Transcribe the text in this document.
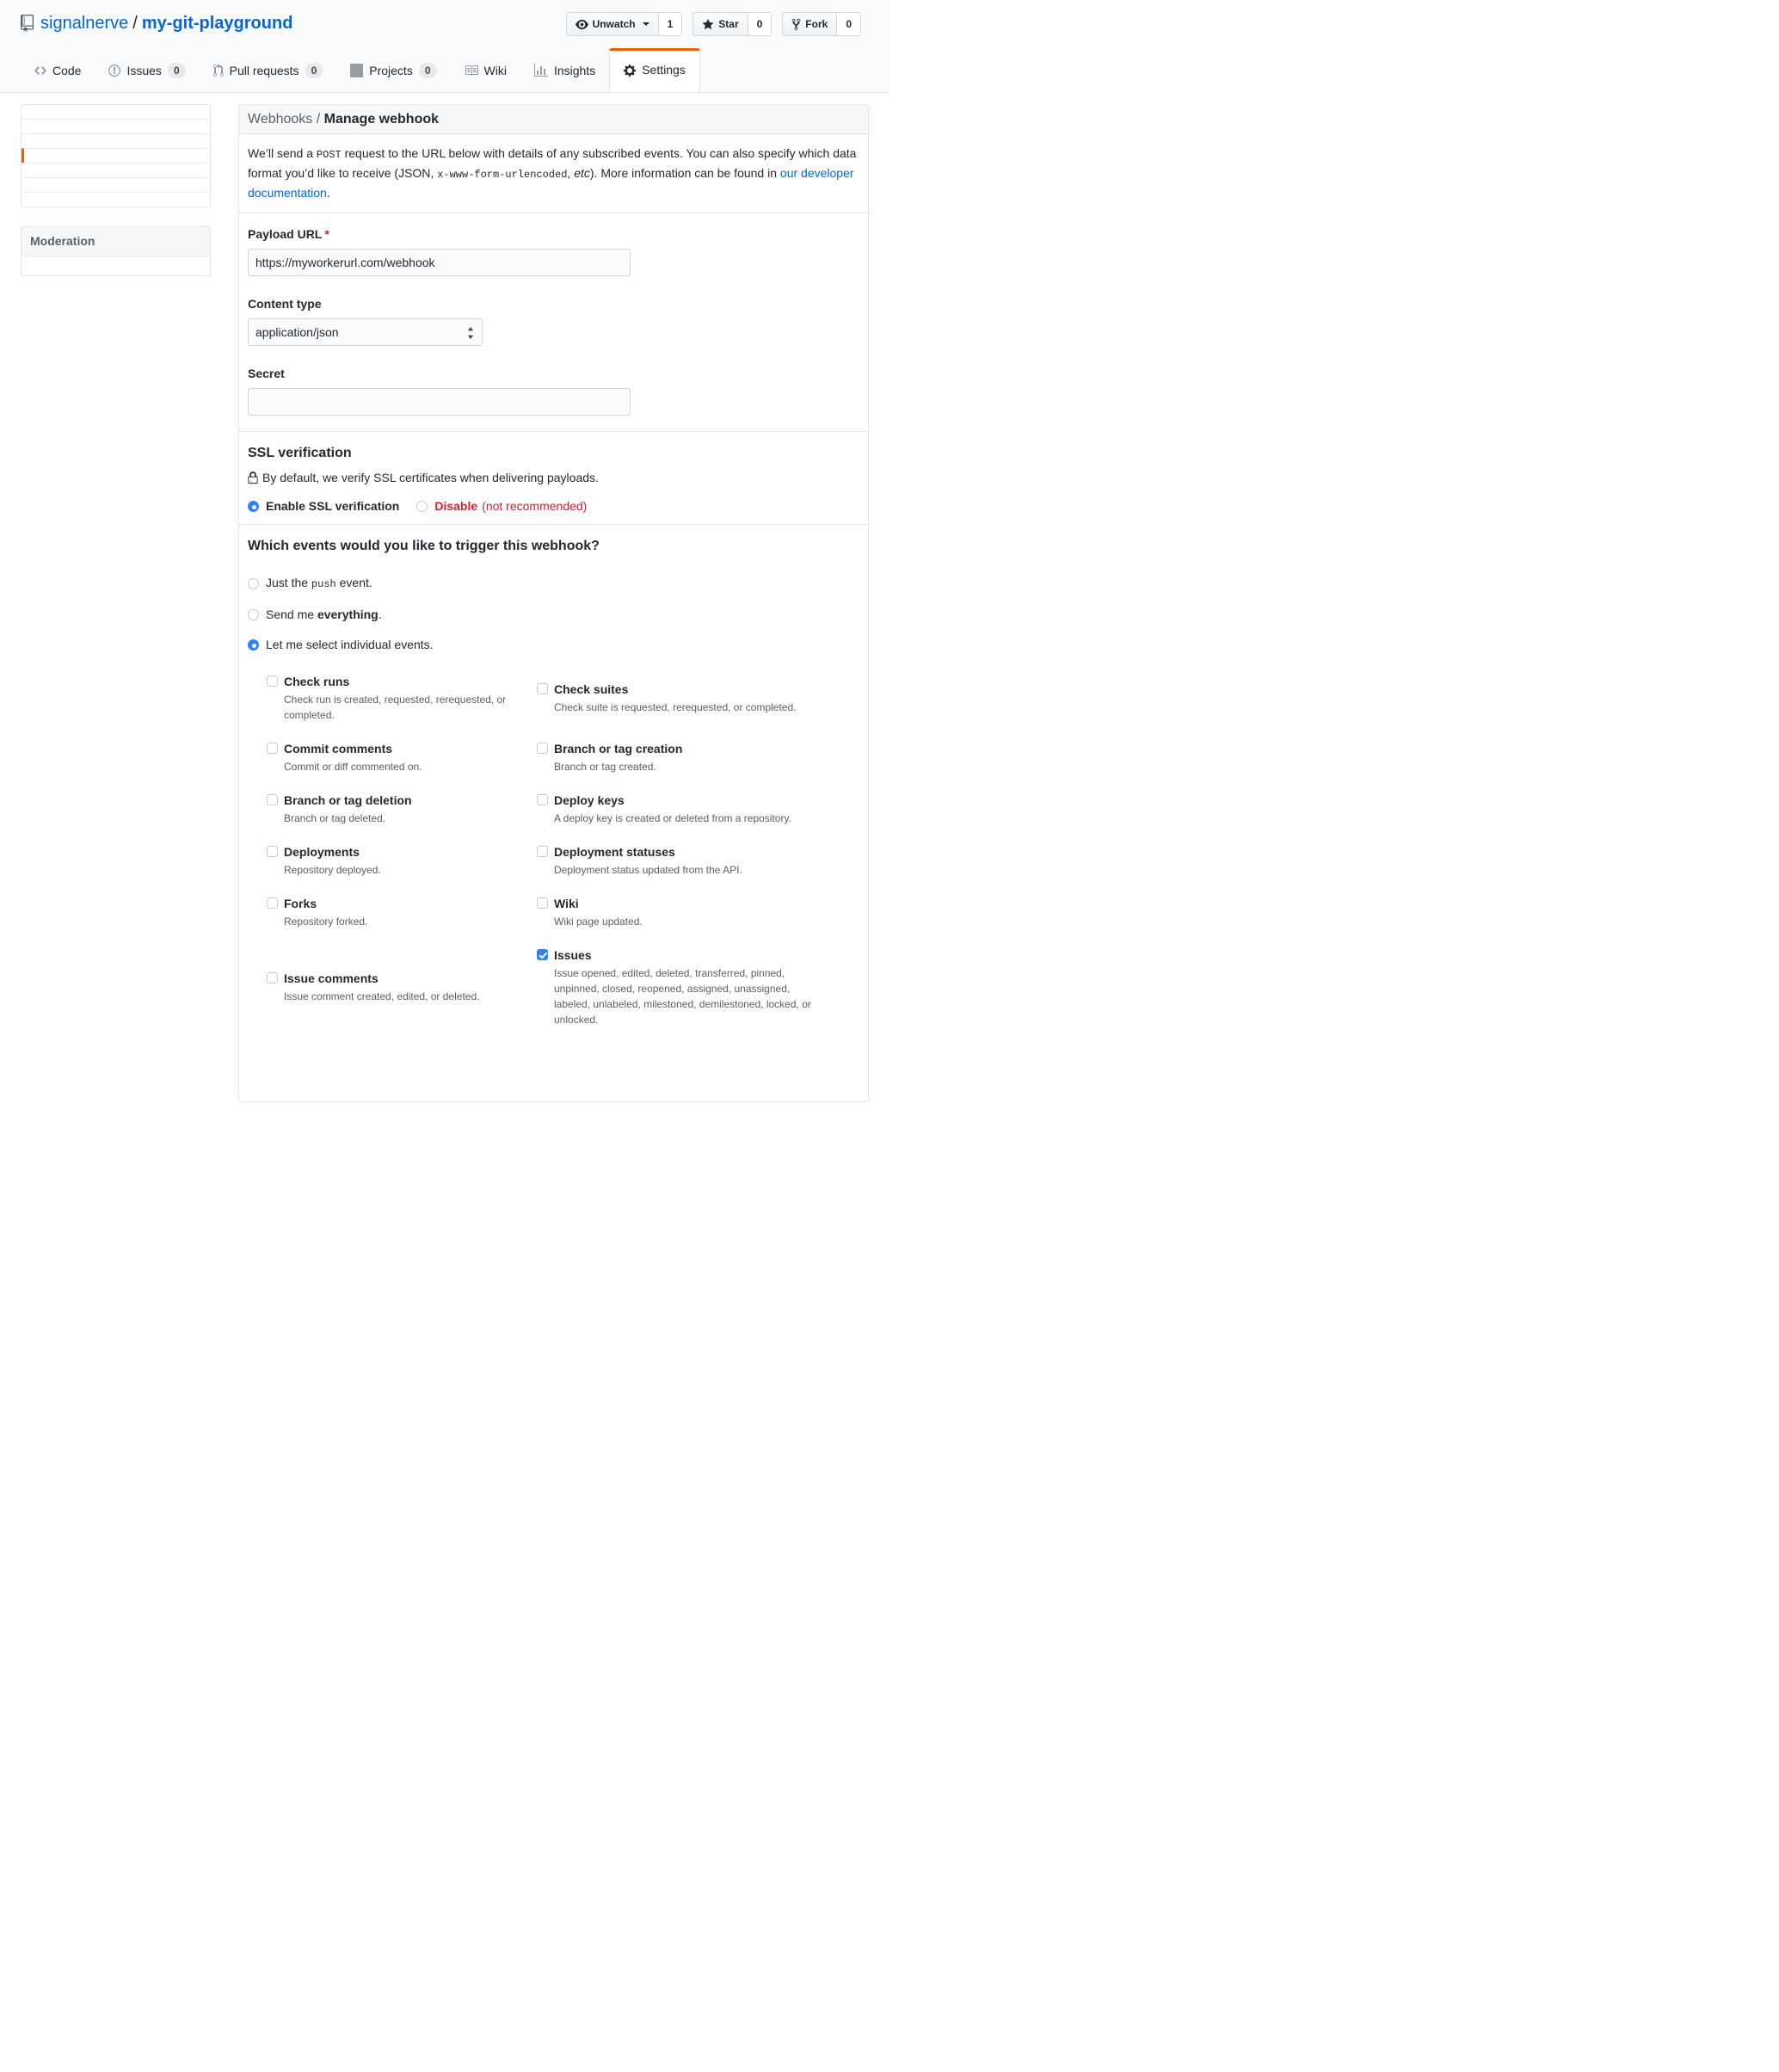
signalnerve / my-git-playground	Unwatch	1	Star	0	Fork	0
Code	Issues	0	Pull requests	0	Projects	0	Wiki	Insights	Settings
Moderation
Webhooks / Manage webhook

We’ll send a POST request to the URL below with details of any subscribed events. You can also specify which data format you’d like to receive (JSON, x-www-form-urlencoded, etc). More information can be found in our developer documentation.

Payload URL *
https://myworkerurl.com/webhook
Content type
application/json
Secret
SSL verification
By default, we verify SSL certificates when delivering payloads.
Enable SSL verification	Disable (not recommended)
Which events would you like to trigger this webhook?
Just the push event.
Send me everything.
Let me select individual events.
Check runs
Check run is created, requested, rerequested, or completed.
Check suites
Check suite is requested, rerequested, or completed.
Commit comments
Commit or diff commented on.
Branch or tag creation
Branch or tag created.
Branch or tag deletion
Branch or tag deleted.
Deploy keys
A deploy key is created or deleted from a repository.
Deployments
Repository deployed.
Deployment statuses
Deployment status updated from the API.
Forks
Repository forked.
Wiki
Wiki page updated.
Issue comments
Issue comment created, edited, or deleted.
Issues
Issue opened, edited, deleted, transferred, pinned, unpinned, closed, reopened, assigned, unassigned, labeled, unlabeled, milestoned, demilestoned, locked, or unlocked.
